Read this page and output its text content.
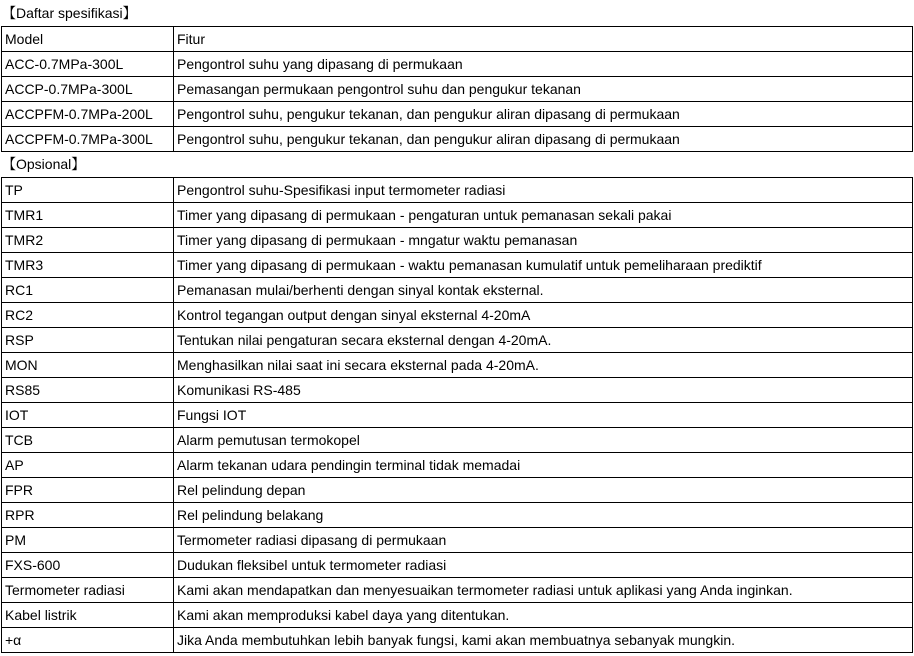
【Daftar spesifikasi】
Model	Fitur
ACC-0.7MPa-300L	Pengontrol suhu yang dipasang di permukaan
ACCP-0.7MPa-300L	Pemasangan permukaan pengontrol suhu dan pengukur tekanan
ACCPFM-0.7MPa-200L	Pengontrol suhu, pengukur tekanan, dan pengukur aliran dipasang di permukaan
ACCPFM-0.7MPa-300L	Pengontrol suhu, pengukur tekanan, dan pengukur aliran dipasang di permukaan
【Opsional】
TP	Pengontrol suhu-Spesifikasi input termometer radiasi
TMR1	Timer yang dipasang di permukaan - pengaturan untuk pemanasan sekali pakai
TMR2	Timer yang dipasang di permukaan - mngatur waktu pemanasan
TMR3	Timer yang dipasang di permukaan - waktu pemanasan kumulatif untuk pemeliharaan prediktif
RC1	Pemanasan mulai/berhenti dengan sinyal kontak eksternal.
RC2	Kontrol tegangan output dengan sinyal eksternal 4-20mA
RSP	Tentukan nilai pengaturan secara eksternal dengan 4-20mA.
MON	Menghasilkan nilai saat ini secara eksternal pada 4-20mA.
RS85	Komunikasi RS-485
IOT	Fungsi IOT
TCB	Alarm pemutusan termokopel
AP	Alarm tekanan udara pendingin terminal tidak memadai
FPR	Rel pelindung depan
RPR	Rel pelindung belakang
PM	Termometer radiasi dipasang di permukaan
FXS-600	Dudukan fleksibel untuk termometer radiasi
Termometer radiasi	Kami akan mendapatkan dan menyesuaikan termometer radiasi untuk aplikasi yang Anda inginkan.
Kabel listrik	Kami akan memproduksi kabel daya yang ditentukan.
+α	Jika Anda membutuhkan lebih banyak fungsi, kami akan membuatnya sebanyak mungkin.
